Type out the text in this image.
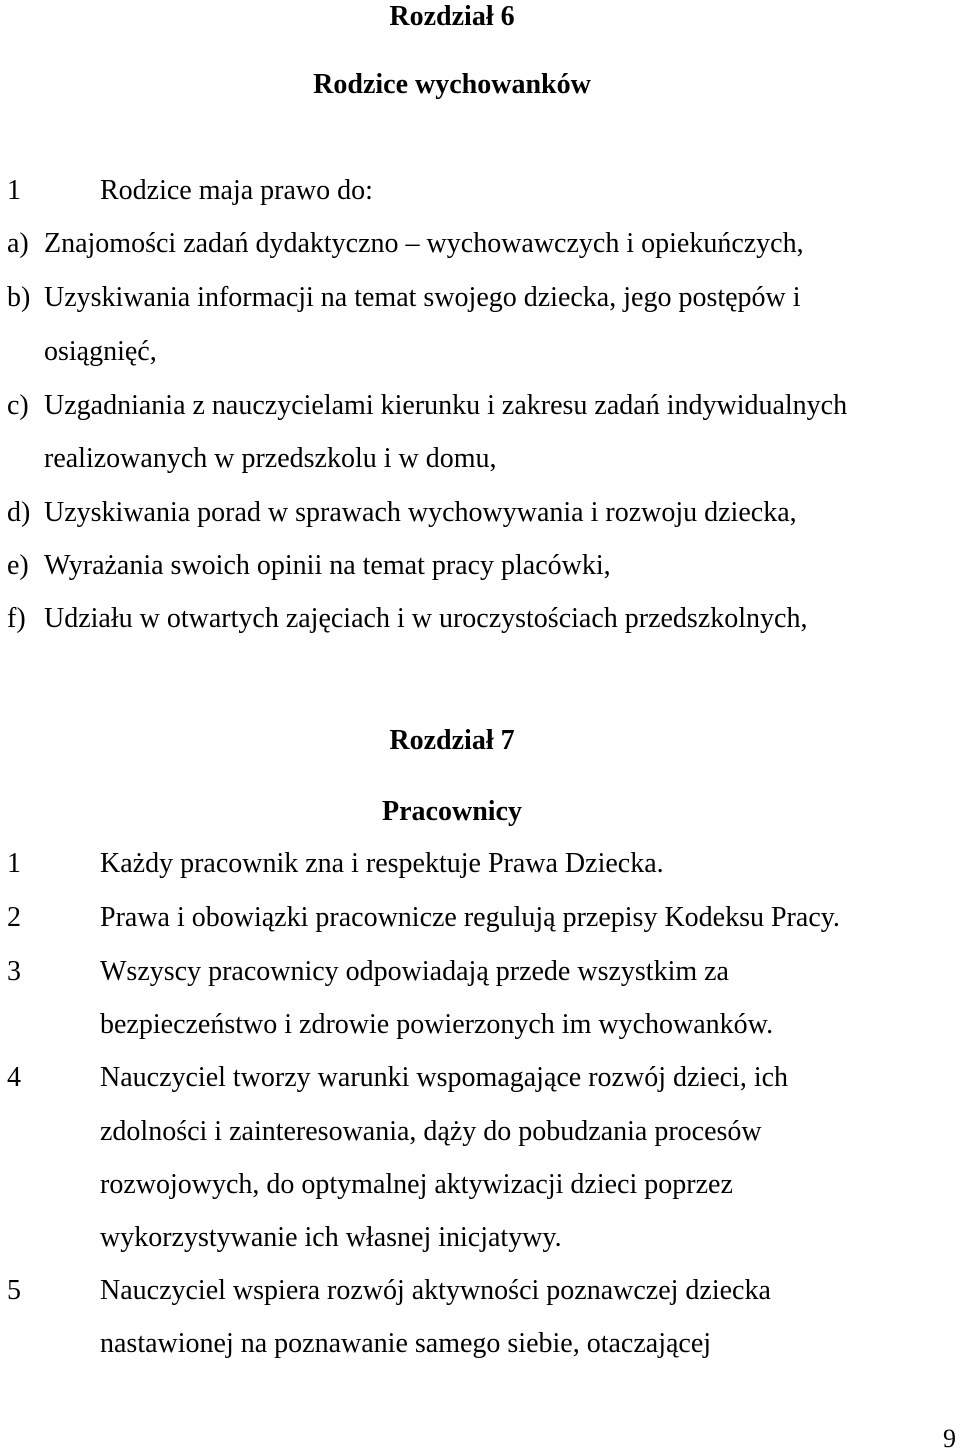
Rozdział 6
Rodzice wychowanków
1	Rodzice maja prawo do:
a) Znajomości zadań dydaktyczno – wychowawczych i opiekuńczych,
b) Uzyskiwania informacji na temat swojego dziecka, jego postępów i
osiągnięć,
c) Uzgadniania z nauczycielami kierunku i zakresu zadań indywidualnych
realizowanych w przedszkolu i w domu,
d) Uzyskiwania porad w sprawach wychowywania i rozwoju dziecka,
e) Wyrażania swoich opinii na temat pracy placówki,
f) Udziału w otwartych zajęciach i w uroczystościach przedszkolnych,
Rozdział 7
Pracownicy
1	Każdy pracownik zna i respektuje Prawa Dziecka.
2	Prawa i obowiązki pracownicze regulują przepisy Kodeksu Pracy.
3	Wszyscy pracownicy odpowiadają przede wszystkim za
bezpieczeństwo i zdrowie powierzonych im wychowanków.
4	Nauczyciel tworzy warunki wspomagające rozwój dzieci, ich
zdolności i zainteresowania, dąży do pobudzania procesów
rozwojowych, do optymalnej aktywizacji dzieci poprzez
wykorzystywanie ich własnej inicjatywy.
5	Nauczyciel wspiera rozwój aktywności poznawczej dziecka
nastawionej na poznawanie samego siebie, otaczającej
9
